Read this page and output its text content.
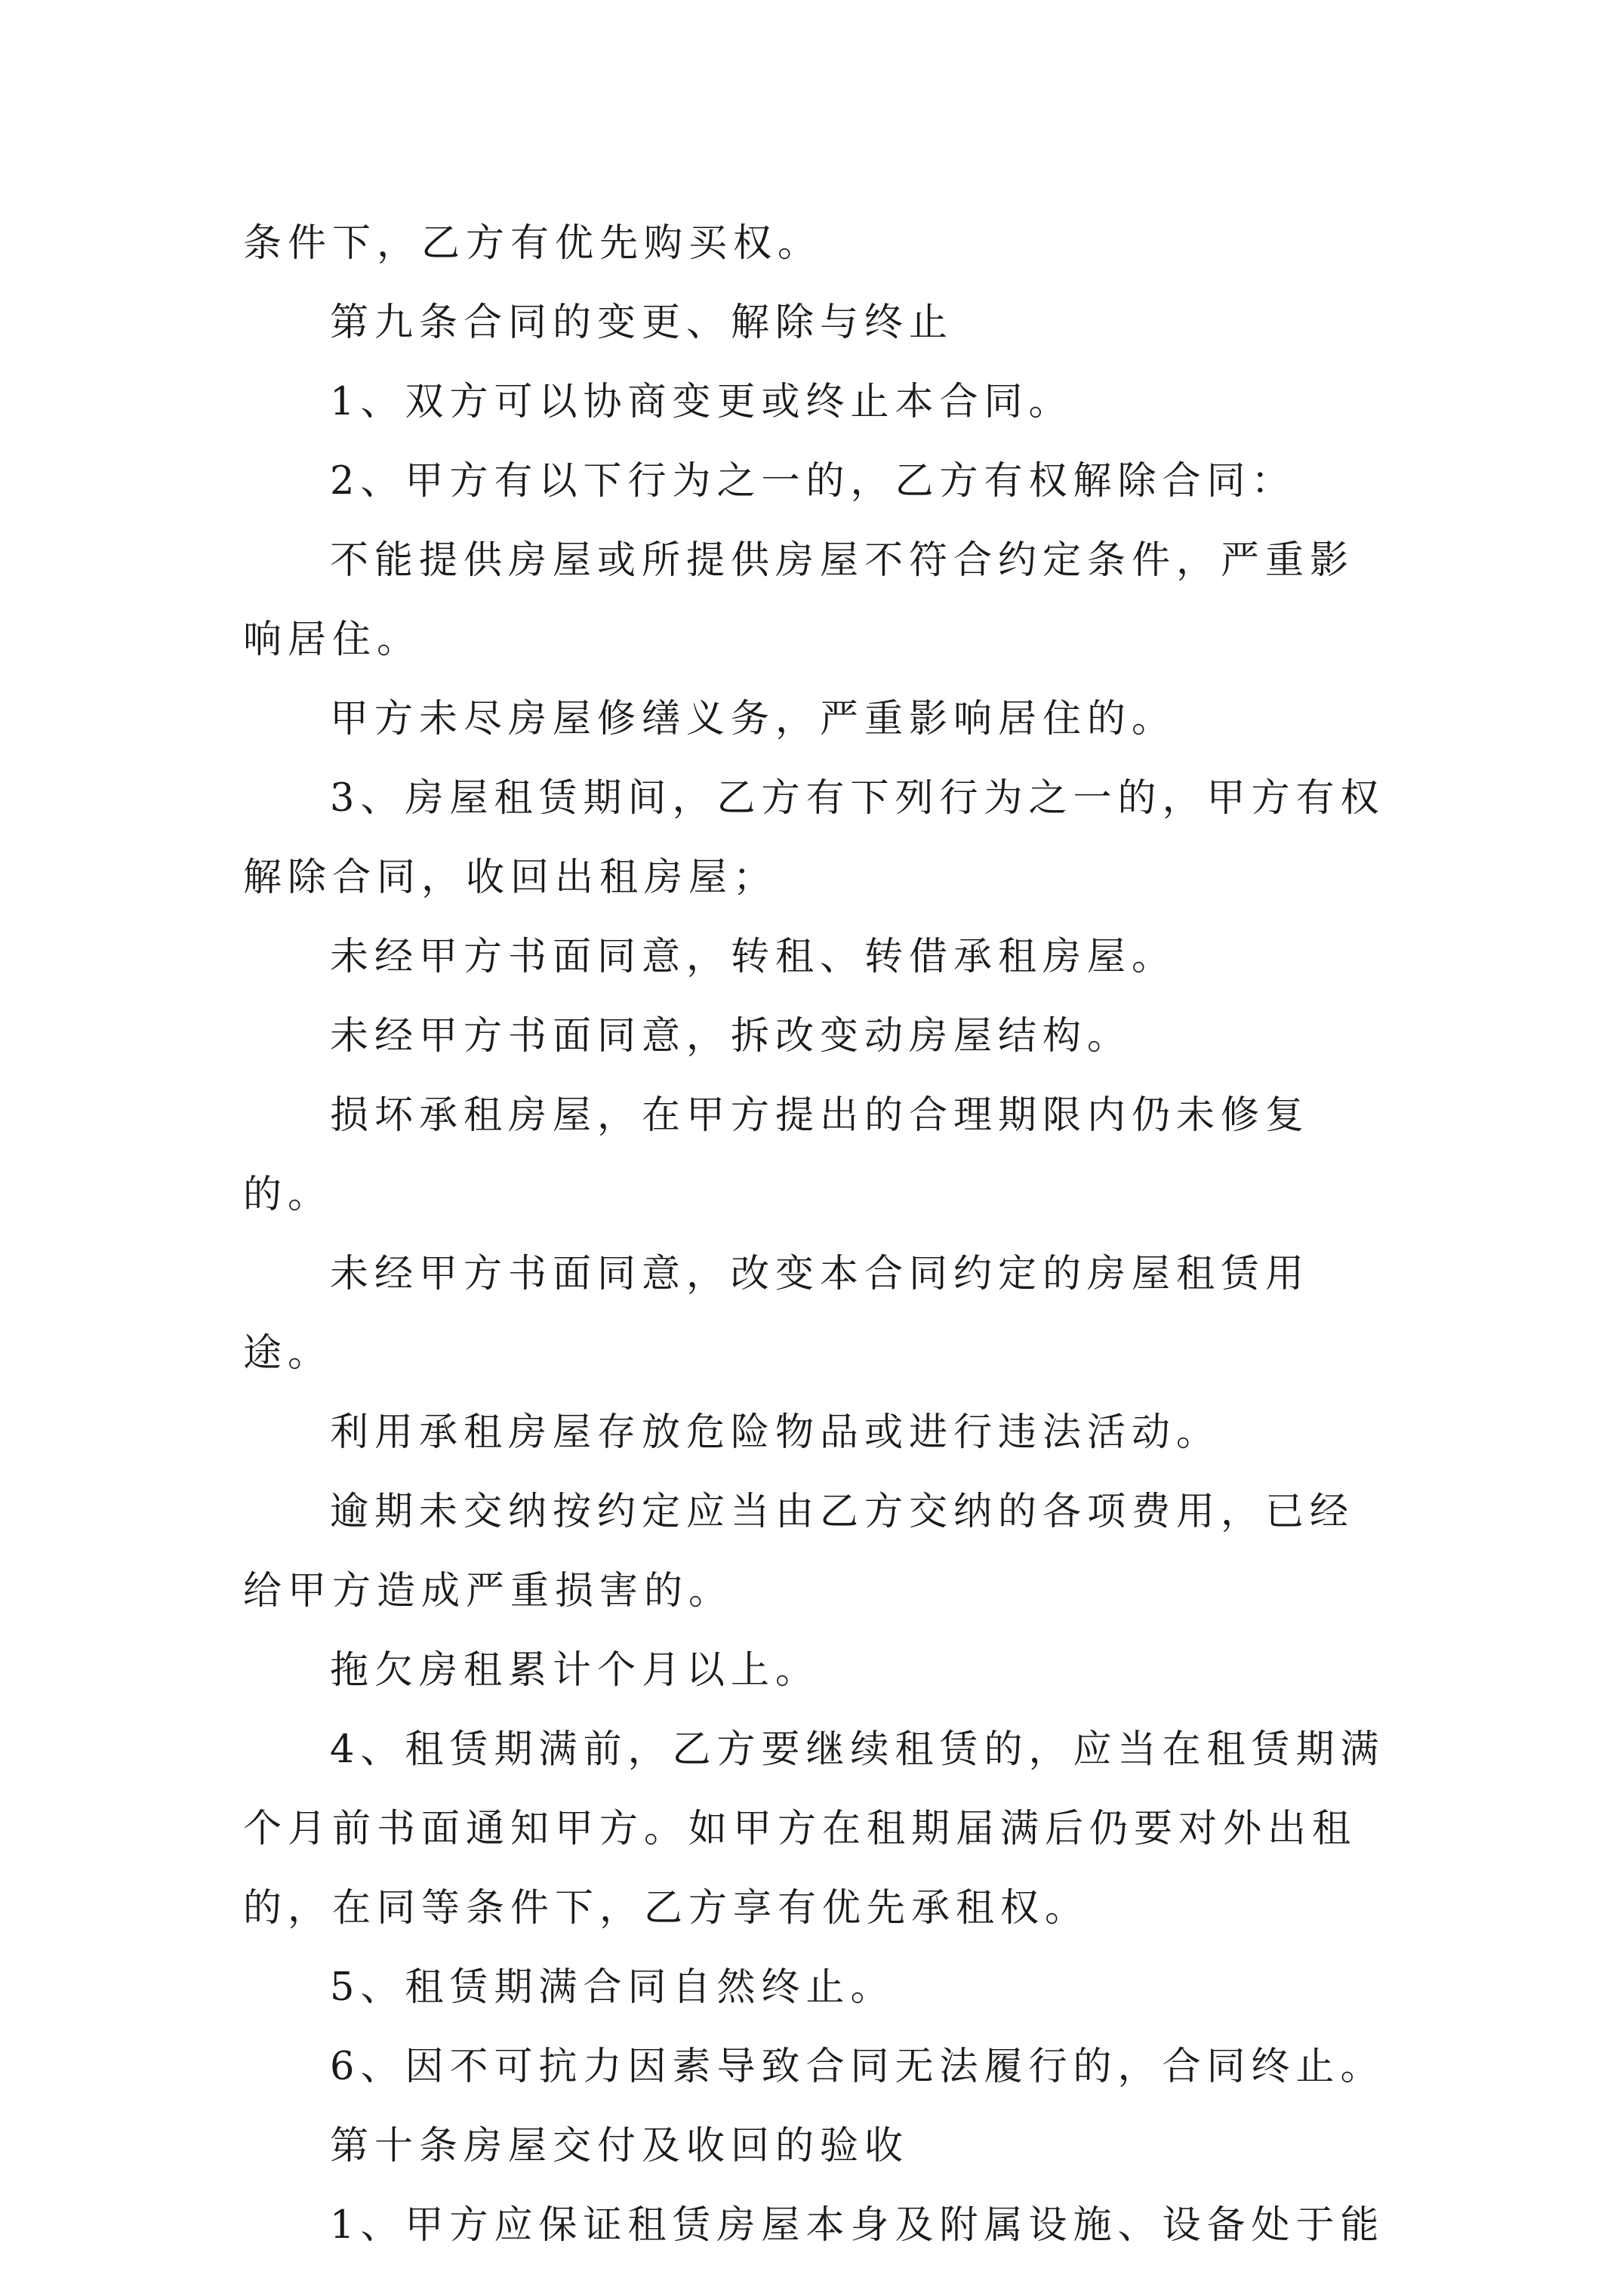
条件下，乙方有优先购买权。

第九条合同的变更、解除与终止

1、双方可以协商变更或终止本合同。

2、甲方有以下行为之一的，乙方有权解除合同：

不能提供房屋或所提供房屋不符合约定条件，严重影响居住。

甲方未尽房屋修缮义务，严重影响居住的。

3、房屋租赁期间，乙方有下列行为之一的，甲方有权解除合同，收回出租房屋；

未经甲方书面同意，转租、转借承租房屋。

未经甲方书面同意，拆改变动房屋结构。

损坏承租房屋，在甲方提出的合理期限内仍未修复的。

未经甲方书面同意，改变本合同约定的房屋租赁用途。

利用承租房屋存放危险物品或进行违法活动。

逾期未交纳按约定应当由乙方交纳的各项费用，已经给甲方造成严重损害的。

拖欠房租累计个月以上。

4、租赁期满前，乙方要继续租赁的，应当在租赁期满个月前书面通知甲方。如甲方在租期届满后仍要对外出租的，在同等条件下，乙方享有优先承租权。

5、租赁期满合同自然终止。

6、因不可抗力因素导致合同无法履行的，合同终止。

第十条房屋交付及收回的验收

1、甲方应保证租赁房屋本身及附属设施、设备处于能
